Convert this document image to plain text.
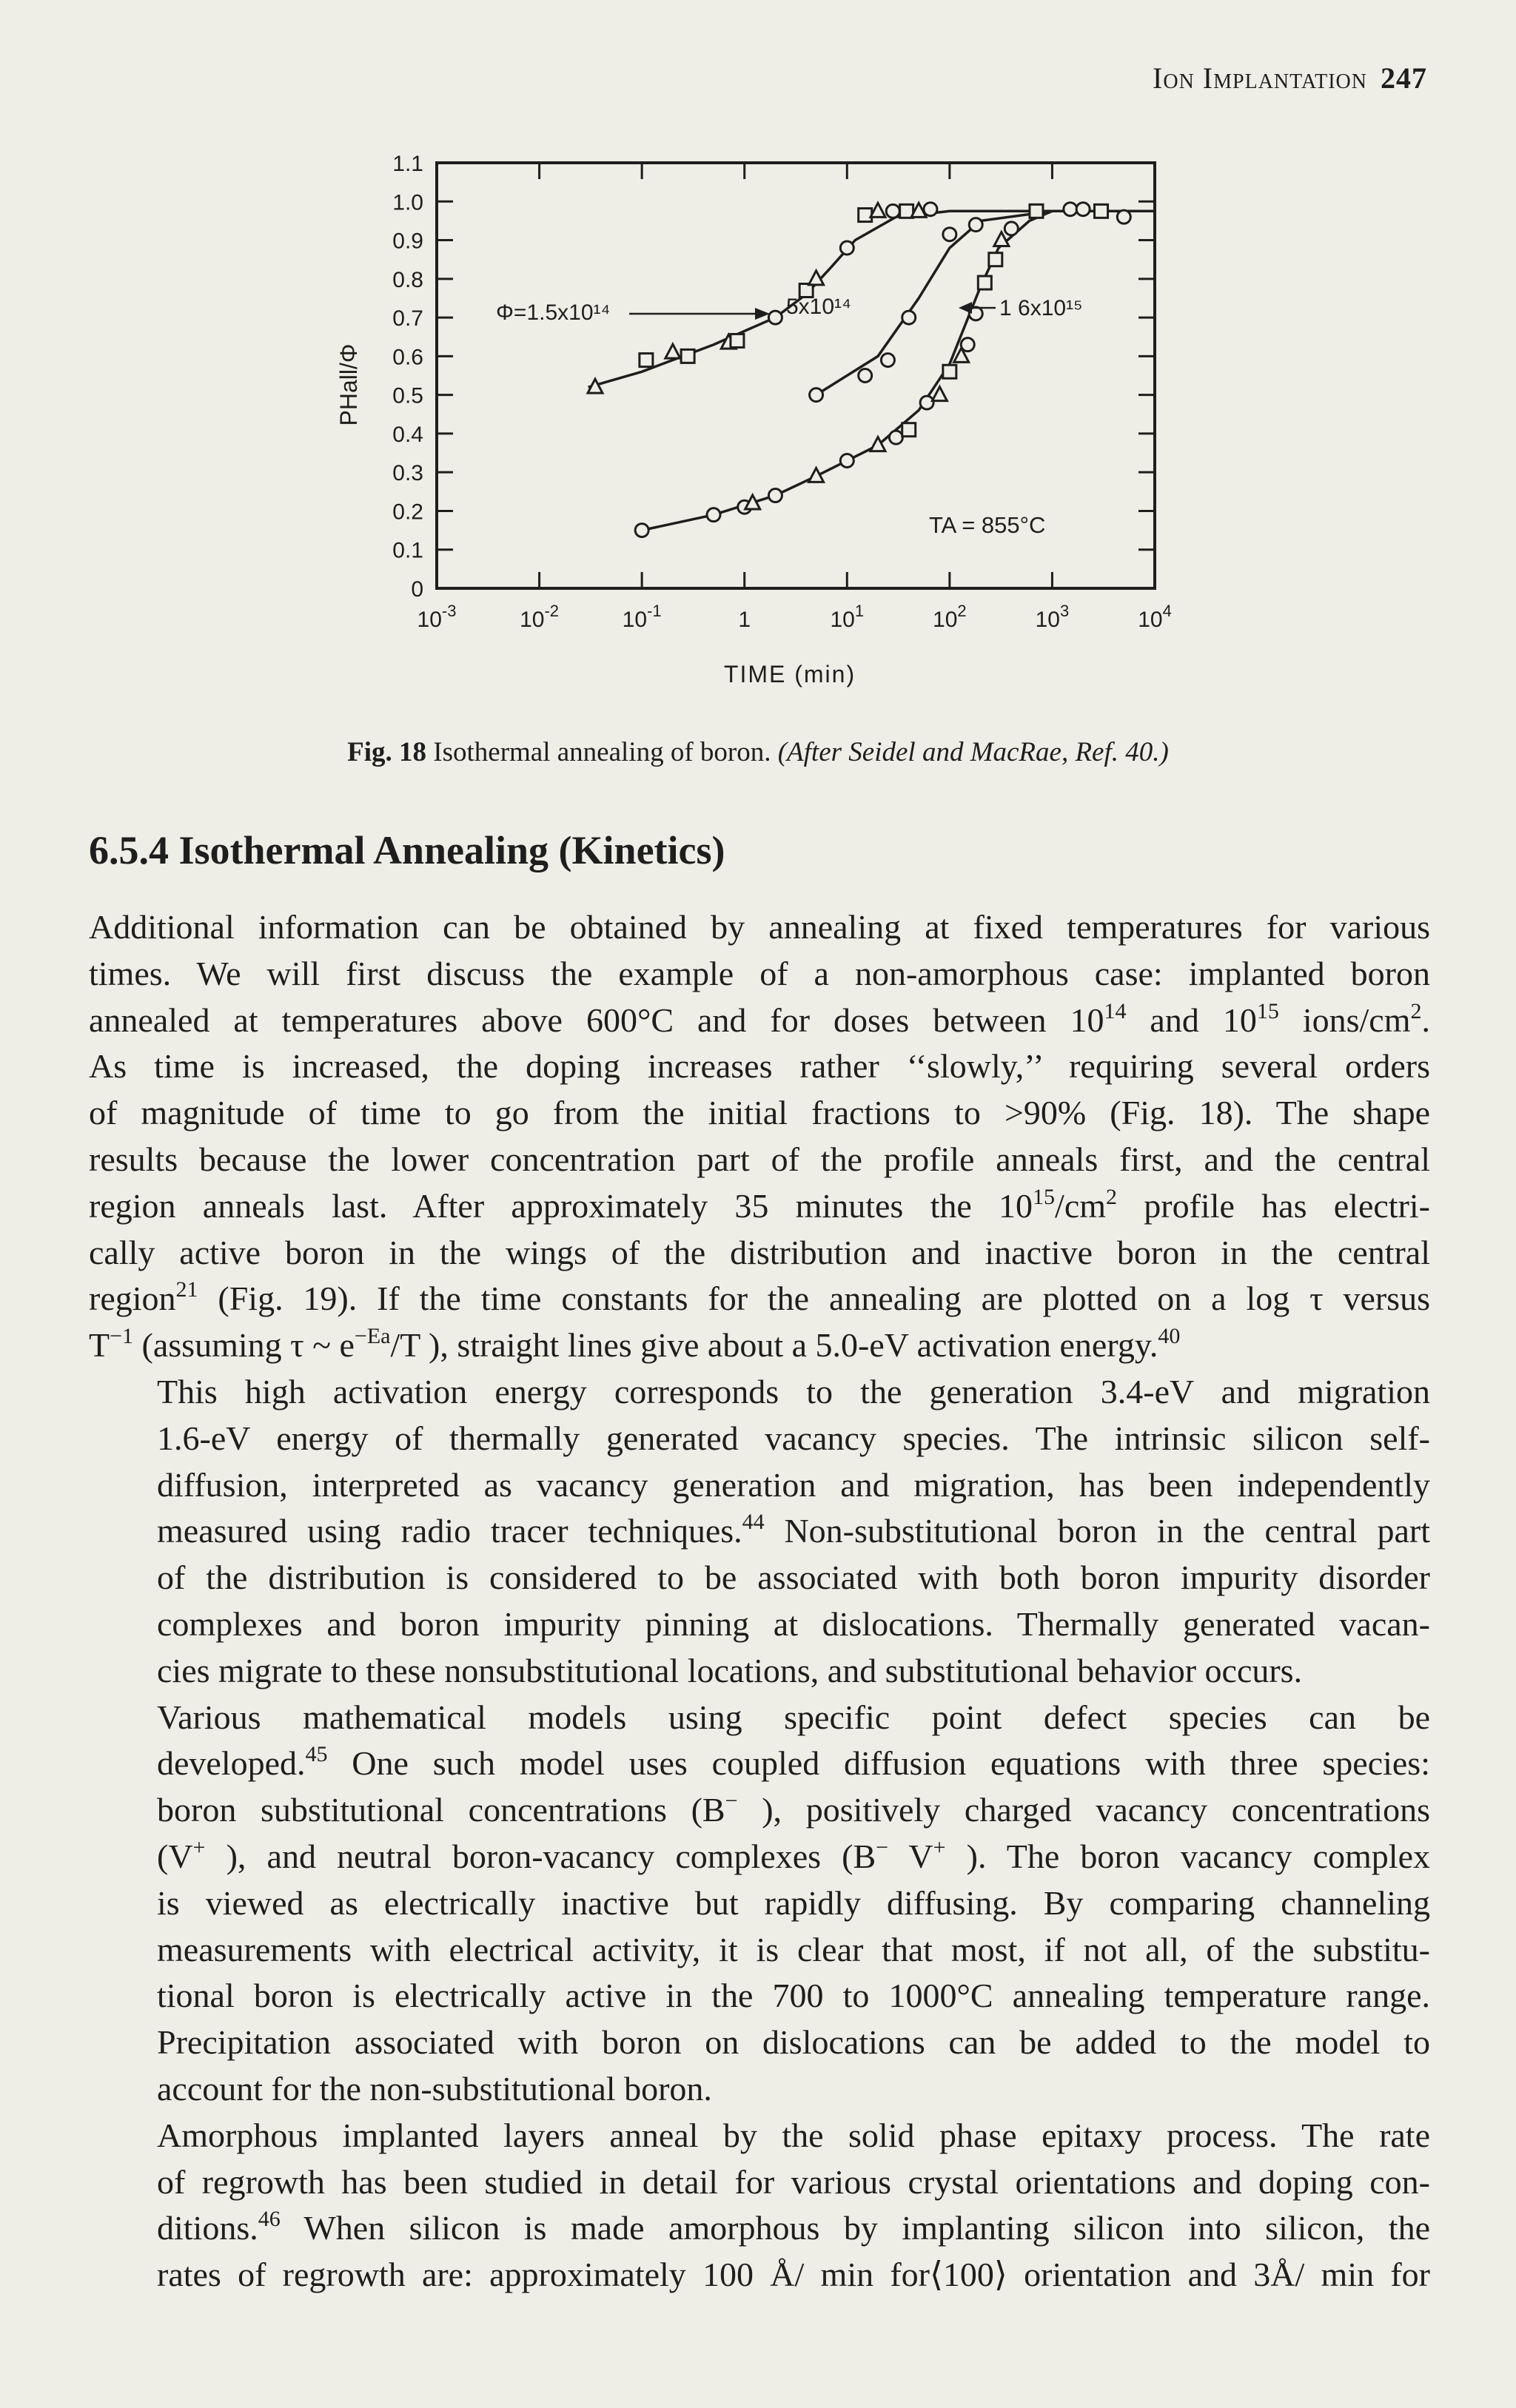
Ion Implantation 247
1.1
1.0
0.9
0.8
0.7
0.6
0.5
0.4
0.3
0.2
0.1
0
$10^{-3}$	$10^{-2}$	$10^{-1}$	1	$10^1$	$10^2$	$10^3$	$10^4$
Φ=1.5x10¹⁴	5x10¹⁴	1 6x10¹⁵
TA = 855°C
TIME (min)
PHall/Φ
Fig. 18 Isothermal annealing of boron. (After Seidel and MacRae, Ref. 40.)
6.5.4 Isothermal Annealing (Kinetics)

Additional information can be obtained by annealing at fixed temperatures for various
times. We will first discuss the example of a non-amorphous case: implanted boron
annealed at temperatures above 600°C and for doses between $10^{14}$ and $10^{15}$ ions/$cm^2$.
As time is increased, the doping increases rather ‘‘slowly,’’ requiring several orders
of magnitude of time to go from the initial fractions to >90% (Fig. 18). The shape
results because the lower concentration part of the profile anneals first, and the central
region anneals last. After approximately 35 minutes the $10^{15}/cm^2$ profile has electri-
cally active boron in the wings of the distribution and inactive boron in the central
region$^{21}$ (Fig. 19). If the time constants for the annealing are plotted on a log τ versus
$T^{-1}$ (assuming τ ~ $e^{-Ea}/T$ ), straight lines give about a 5.0-eV activation energy.$^{40}$

This high activation energy corresponds to the generation 3.4-eV and migration
1.6-eV energy of thermally generated vacancy species. The intrinsic silicon self-
diffusion, interpreted as vacancy generation and migration, has been independently
measured using radio tracer techniques.$^{44}$ Non-substitutional boron in the central part
of the distribution is considered to be associated with both boron impurity disorder
complexes and boron impurity pinning at dislocations. Thermally generated vacan-
cies migrate to these nonsubstitutional locations, and substitutional behavior occurs.

Various mathematical models using specific point defect species can be
developed.$^{45}$ One such model uses coupled diffusion equations with three species:
boron substitutional concentrations (B− ), positively charged vacancy concentrations
(V+ ), and neutral boron-vacancy complexes (B− V+ ). The boron vacancy complex
is viewed as electrically inactive but rapidly diffusing. By comparing channeling
measurements with electrical activity, it is clear that most, if not all, of the substitu-
tional boron is electrically active in the 700 to 1000°C annealing temperature range.
Precipitation associated with boron on dislocations can be added to the model to
account for the non-substitutional boron.

Amorphous implanted layers anneal by the solid phase epitaxy process. The rate
of regrowth has been studied in detail for various crystal orientations and doping con-
ditions.$^{46}$ When silicon is made amorphous by implanting silicon into silicon, the
rates of regrowth are: approximately 100 Å/ min for⟨100⟩ orientation and 3Å/ min for
